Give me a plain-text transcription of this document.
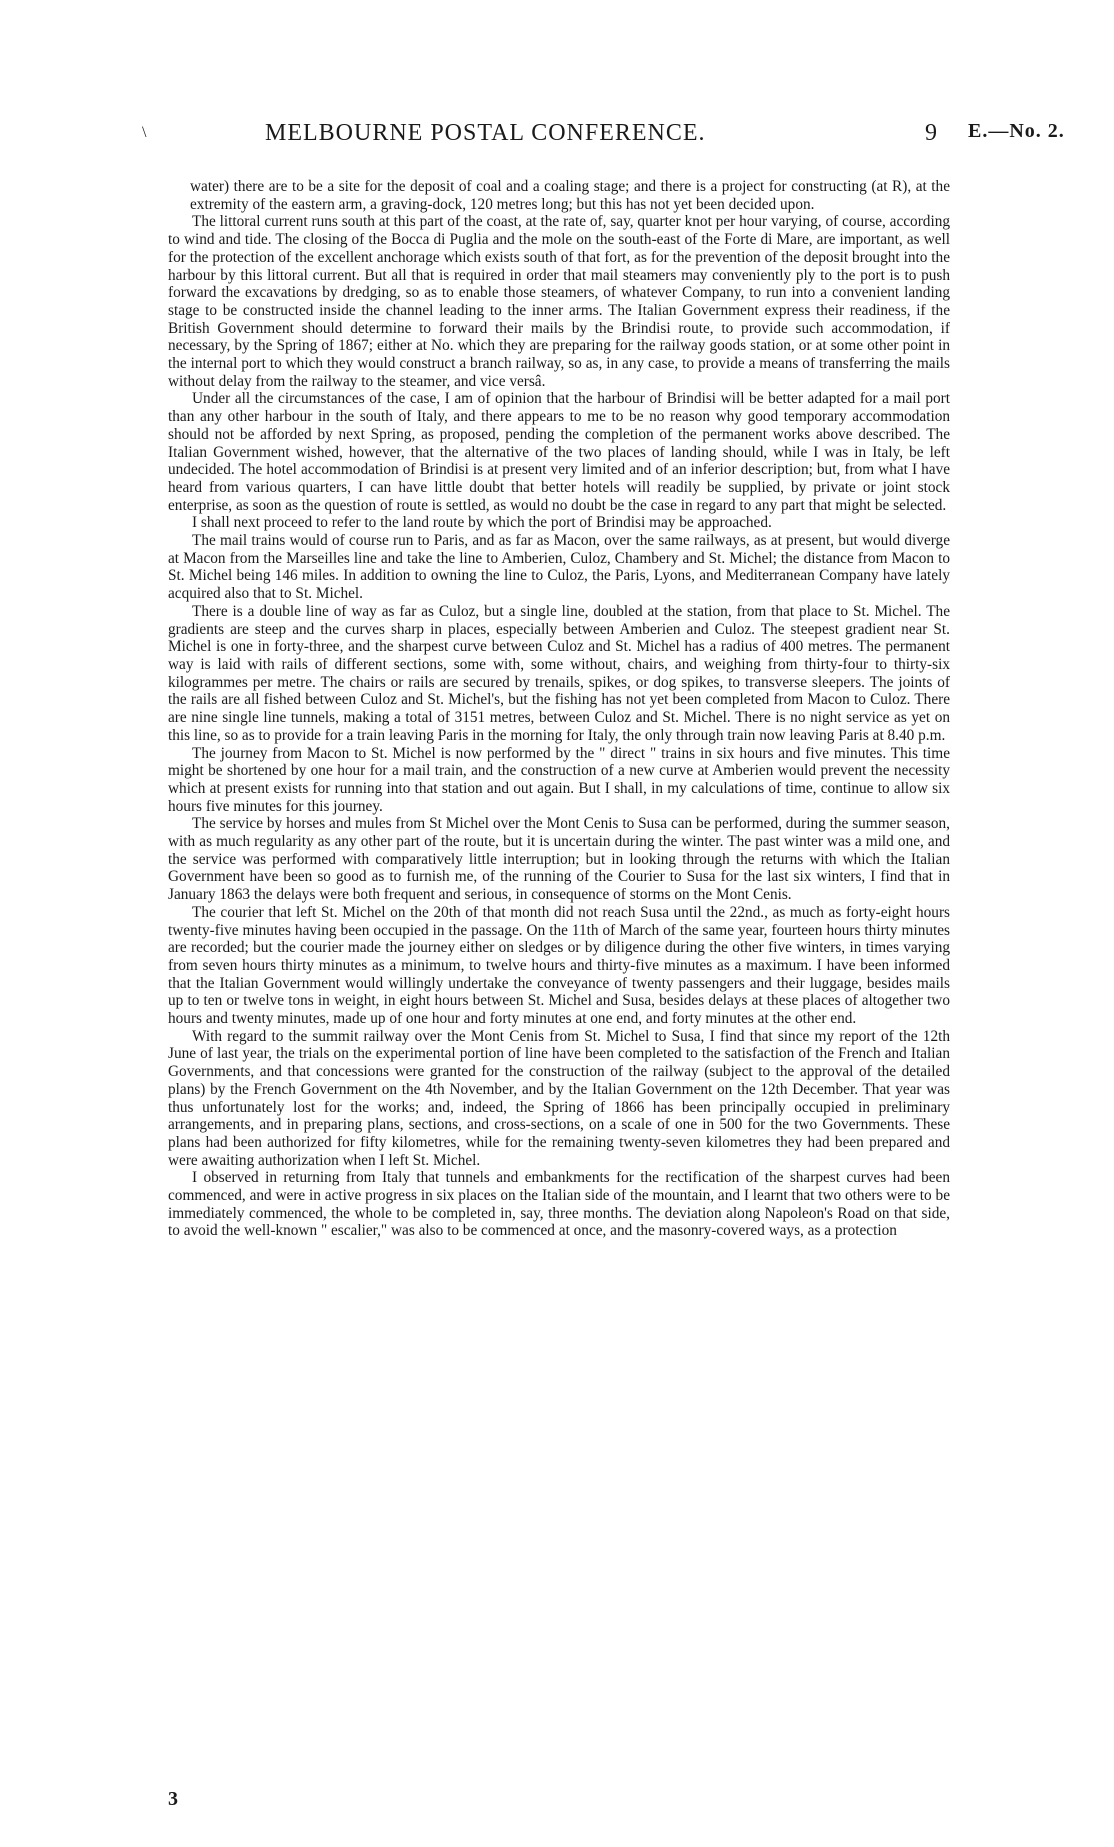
\	MELBOURNE POSTAL CONFERENCE.	9 E.—No. 2.

water) there are to be a site for the deposit of coal and a coaling stage; and there is a project for constructing (at R), at the extremity of the eastern arm, a graving-dock, 120 metres long; but this has not yet been decided upon.

The littoral current runs south at this part of the coast, at the rate of, say, quarter knot per hour varying, of course, according to wind and tide. The closing of the Bocca di Puglia and the mole on the south-east of the Forte di Mare, are important, as well for the protection of the excellent anchorage which exists south of that fort, as for the prevention of the deposit brought into the harbour by this littoral current. But all that is required in order that mail steamers may conveniently ply to the port is to push forward the excavations by dredging, so as to enable those steamers, of whatever Company, to run into a convenient landing stage to be constructed inside the channel leading to the inner arms. The Italian Government express their readiness, if the British Government should determine to forward their mails by the Brindisi route, to provide such accommodation, if necessary, by the Spring of 1867; either at No. which they are preparing for the railway goods station, or at some other point in the internal port to which they would construct a branch railway, so as, in any case, to provide a means of transferring the mails without delay from the railway to the steamer, and vice versâ.

Under all the circumstances of the case, I am of opinion that the harbour of Brindisi will be better adapted for a mail port than any other harbour in the south of Italy, and there appears to me to be no reason why good temporary accommodation should not be afforded by next Spring, as proposed, pending the completion of the permanent works above described. The Italian Government wished, however, that the alternative of the two places of landing should, while I was in Italy, be left undecided. The hotel accommodation of Brindisi is at present very limited and of an inferior description; but, from what I have heard from various quarters, I can have little doubt that better hotels will readily be supplied, by private or joint stock enterprise, as soon as the question of route is settled, as would no doubt be the case in regard to any part that might be selected.

I shall next proceed to refer to the land route by which the port of Brindisi may be approached.

The mail trains would of course run to Paris, and as far as Macon, over the same railways, as at present, but would diverge at Macon from the Marseilles line and take the line to Amberien, Culoz, Chambery and St. Michel; the distance from Macon to St. Michel being 146 miles. In addition to owning the line to Culoz, the Paris, Lyons, and Mediterranean Company have lately acquired also that to St. Michel.

There is a double line of way as far as Culoz, but a single line, doubled at the station, from that place to St. Michel. The gradients are steep and the curves sharp in places, especially between Amberien and Culoz. The steepest gradient near St. Michel is one in forty-three, and the sharpest curve between Culoz and St. Michel has a radius of 400 metres. The permanent way is laid with rails of different sections, some with, some without, chairs, and weighing from thirty-four to thirty-six kilogrammes per metre. The chairs or rails are secured by trenails, spikes, or dog spikes, to transverse sleepers. The joints of the rails are all fished between Culoz and St. Michel's, but the fishing has not yet been completed from Macon to Culoz. There are nine single line tunnels, making a total of 3151 metres, between Culoz and St. Michel. There is no night service as yet on this line, so as to provide for a train leaving Paris in the morning for Italy, the only through train now leaving Paris at 8.40 p.m.

The journey from Macon to St. Michel is now performed by the " direct " trains in six hours and five minutes. This time might be shortened by one hour for a mail train, and the construction of a new curve at Amberien would prevent the necessity which at present exists for running into that station and out again. But I shall, in my calculations of time, continue to allow six hours five minutes for this journey.

The service by horses and mules from St Michel over the Mont Cenis to Susa can be performed, during the summer season, with as much regularity as any other part of the route, but it is uncertain during the winter. The past winter was a mild one, and the service was performed with comparatively little interruption; but in looking through the returns with which the Italian Government have been so good as to furnish me, of the running of the Courier to Susa for the last six winters, I find that in January 1863 the delays were both frequent and serious, in consequence of storms on the Mont Cenis.

The courier that left St. Michel on the 20th of that month did not reach Susa until the 22nd., as much as forty-eight hours twenty-five minutes having been occupied in the passage. On the 11th of March of the same year, fourteen hours thirty minutes are recorded; but the courier made the journey either on sledges or by diligence during the other five winters, in times varying from seven hours thirty minutes as a minimum, to twelve hours and thirty-five minutes as a maximum. I have been informed that the Italian Government would willingly undertake the conveyance of twenty passengers and their luggage, besides mails up to ten or twelve tons in weight, in eight hours between St. Michel and Susa, besides delays at these places of altogether two hours and twenty minutes, made up of one hour and forty minutes at one end, and forty minutes at the other end.

With regard to the summit railway over the Mont Cenis from St. Michel to Susa, I find that since my report of the 12th June of last year, the trials on the experimental portion of line have been completed to the satisfaction of the French and Italian Governments, and that concessions were granted for the construction of the railway (subject to the approval of the detailed plans) by the French Government on the 4th November, and by the Italian Government on the 12th December. That year was thus unfortunately lost for the works; and, indeed, the Spring of 1866 has been principally occupied in preliminary arrangements, and in preparing plans, sections, and cross-sections, on a scale of one in 500 for the two Governments. These plans had been authorized for fifty kilometres, while for the remaining twenty-seven kilometres they had been prepared and were awaiting authorization when I left St. Michel.

I observed in returning from Italy that tunnels and embankments for the rectification of the sharpest curves had been commenced, and were in active progress in six places on the Italian side of the mountain, and I learnt that two others were to be immediately commenced, the whole to be completed in, say, three months. The deviation along Napoleon's Road on that side, to avoid the well-known " escalier," was also to be commenced at once, and the masonry-covered ways, as a protection

3
